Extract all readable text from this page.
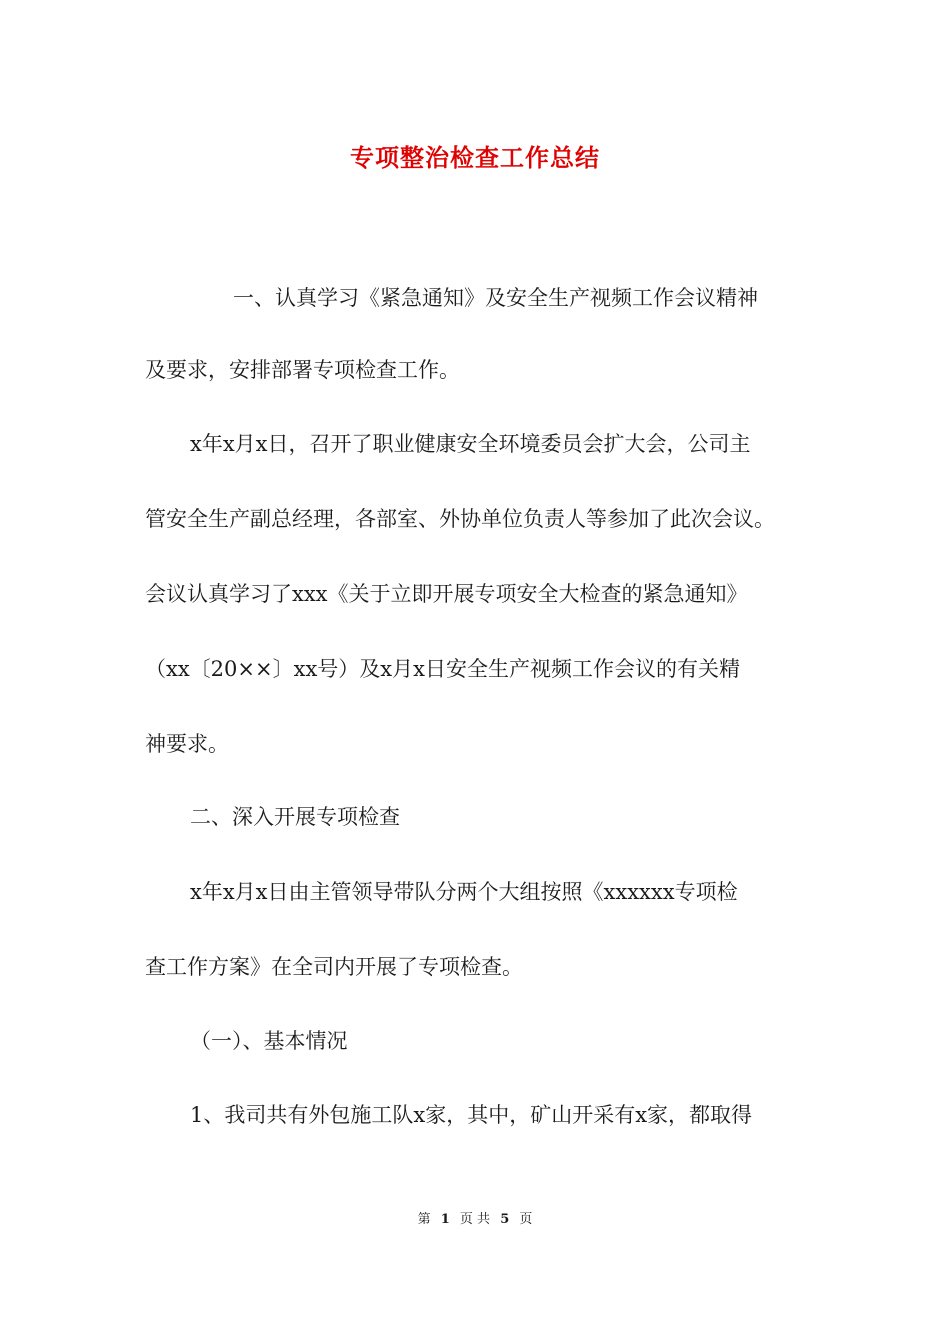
专项整治检查工作总结
一、认真学习《紧急通知》及安全生产视频工作会议精神
及要求，安排部署专项检查工作。
x年x月x日，召开了职业健康安全环境委员会扩大会，公司主
管安全生产副总经理，各部室、外协单位负责人等参加了此次会议。
会议认真学习了xxx《关于立即开展专项安全大检查的紧急通知》
（xx〔20××〕xx号）及x月x日安全生产视频工作会议的有关精
神要求。
二、深入开展专项检查
x年x月x日由主管领导带队分两个大组按照《xxxxxx专项检
查工作方案》在全司内开展了专项检查。
（一）、基本情况
1、我司共有外包施工队x家，其中，矿山开采有x家，都取得
第 1 页 共 5 页
